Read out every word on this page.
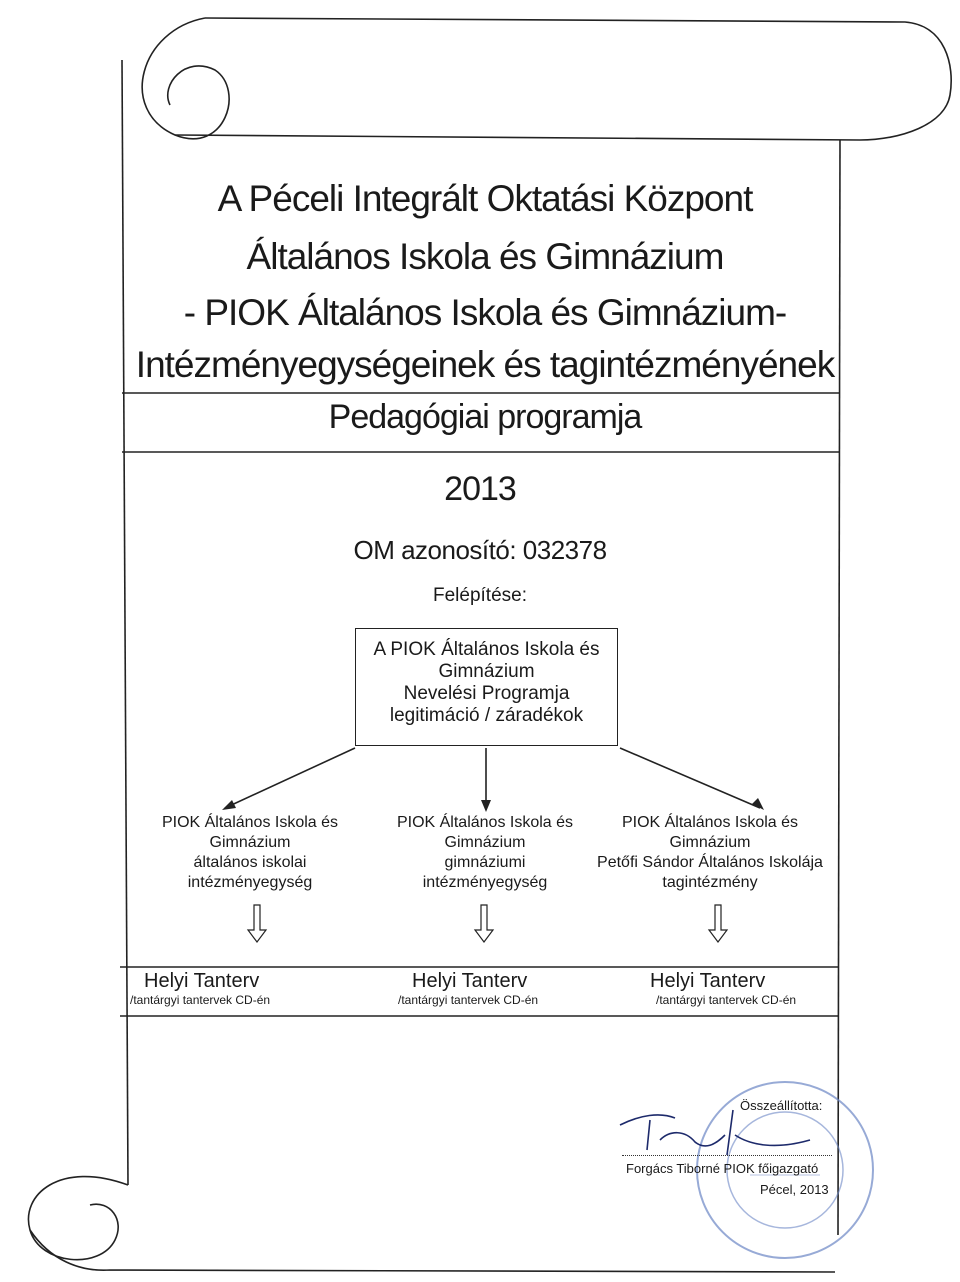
A Péceli Integrált Oktatási Központ
Általános Iskola és Gimnázium
- PIOK Általános Iskola és Gimnázium-
Intézményegységeinek és tagintézményének
Pedagógiai programja
2013
OM azonosító: 032378
Felépítése:
A PIOK Általános Iskola és
Gimnázium
Nevelési Programja
legitimáció / záradékok
PIOK Általános Iskola és
Gimnázium
általános iskolai
intézményegység
PIOK Általános Iskola és
Gimnázium
gimnáziumi
intézményegység
PIOK Általános Iskola és
Gimnázium
Petőfi Sándor Általános Iskolája
tagintézmény
Helyi Tanterv
/tantárgyi tantervek CD-én
Helyi Tanterv
/tantárgyi tantervek CD-én
Helyi Tanterv
/tantárgyi tantervek CD-én
Összeállította:
Forgács Tiborné PIOK főigazgató
Pécel, 2013
